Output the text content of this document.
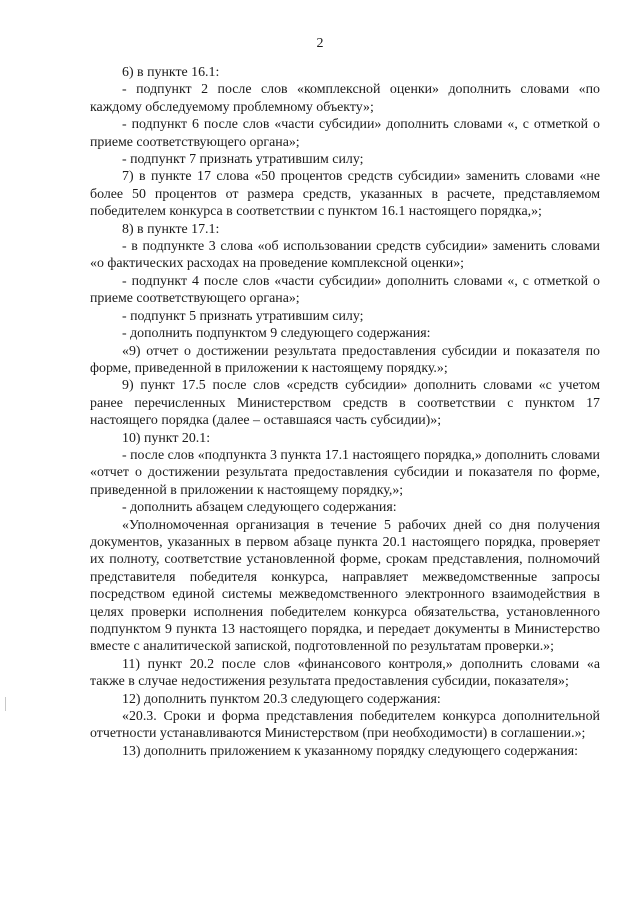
2

6) в пункте 16.1:

- подпункт 2 после слов «комплексной оценки» дополнить словами «по каждому обследуемому проблемному объекту»;

- подпункт 6 после слов «части субсидии» дополнить словами «, с отметкой о приеме соответствующего органа»;

- подпункт 7 признать утратившим силу;

7) в пункте 17 слова «50 процентов средств субсидии» заменить словами «не более 50 процентов от размера средств, указанных в расчете, представляемом победителем конкурса в соответствии с пунктом 16.1 настоящего порядка,»;

8) в пункте 17.1:

- в подпункте 3 слова «об использовании средств субсидии» заменить словами «о фактических расходах на проведение комплексной оценки»;

- подпункт 4 после слов «части субсидии» дополнить словами «, с отметкой о приеме соответствующего органа»;

- подпункт 5 признать утратившим силу;

- дополнить подпунктом 9 следующего содержания:

«9) отчет о достижении результата предоставления субсидии и показателя по форме, приведенной в приложении к настоящему порядку.»;

9) пункт 17.5 после слов «средств субсидии» дополнить словами «с учетом ранее перечисленных Министерством средств в соответствии с пунктом 17 настоящего порядка (далее – оставшаяся часть субсидии)»;

10) пункт 20.1:

- после слов «подпункта 3 пункта 17.1 настоящего порядка,» дополнить словами «отчет о достижении результата предоставления субсидии и показателя по форме, приведенной в приложении к настоящему порядку,»;

- дополнить абзацем следующего содержания:

«Уполномоченная организация в течение 5 рабочих дней со дня получения документов, указанных в первом абзаце пункта 20.1 настоящего порядка, проверяет их полноту, соответствие установленной форме, срокам представления, полномочий представителя победителя конкурса, направляет межведомственные запросы посредством единой системы межведомственного электронного взаимодействия в целях проверки исполнения победителем конкурса обязательства, установленного подпунктом 9 пункта 13 настоящего порядка, и передает документы в Министерство вместе с аналитической запиской, подготовленной по результатам проверки.»;

11) пункт 20.2 после слов «финансового контроля,» дополнить словами «а также в случае недостижения результата предоставления субсидии, показателя»;

12) дополнить пунктом 20.3 следующего содержания:

«20.3. Сроки и форма представления победителем конкурса дополнительной отчетности устанавливаются Министерством (при необходимости) в соглашении.»;

13) дополнить приложением к указанному порядку следующего содержания:
